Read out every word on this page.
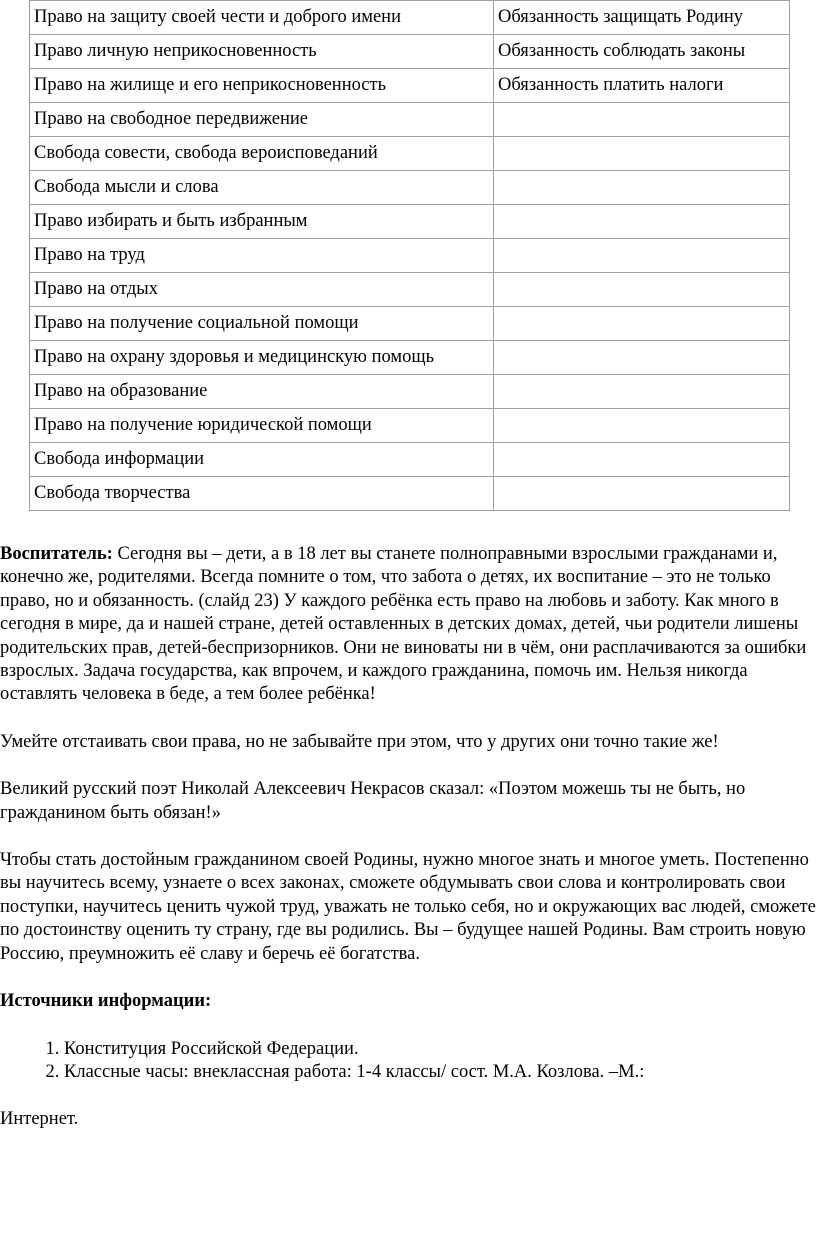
Право на защиту своей чести и доброго имени	Обязанность защищать Родину
Право личную неприкосновенность	Обязанность соблюдать законы
Право на жилище и его неприкосновенность	Обязанность платить налоги
Право на свободное передвижение	
Свобода совести, свобода вероисповеданий	
Свобода мысли и слова	
Право избирать и быть избранным	
Право на труд	
Право на отдых	
Право на получение социальной помощи	
Право на охрану здоровья и медицинскую помощь	
Право на образование	
Право на получение юридической помощи	
Свобода информации	
Свобода творчества	

Воспитатель: Сегодня вы – дети, а в 18 лет вы станете полноправными взрослыми гражданами и, конечно же, родителями. Всегда помните о том, что забота о детях, их воспитание – это не только право, но и обязанность. (слайд 23) У каждого ребёнка есть право на любовь и заботу. Как много в сегодня в мире, да и нашей стране, детей оставленных в детских домах, детей, чьи родители лишены родительских прав, детей-беспризорников. Они не виноваты ни в чём, они расплачиваются за ошибки взрослых. Задача государства, как впрочем, и каждого гражданина, помочь им. Нельзя никогда оставлять человека в беде, а тем более ребёнка!

Умейте отстаивать свои права, но не забывайте при этом, что у других они точно такие же!

Великий русский поэт Николай Алексеевич Некрасов сказал: «Поэтом можешь ты не быть, но гражданином быть обязан!»

Чтобы стать достойным гражданином своей Родины, нужно многое знать и многое уметь. Постепенно вы научитесь всему, узнаете о всех законах, сможете обдумывать свои слова и контролировать свои поступки, научитесь ценить чужой труд, уважать не только себя, но и окружающих вас людей, сможете по достоинству оценить ту страну, где вы родились. Вы – будущее нашей Родины. Вам строить новую Россию, преумножить её славу и беречь её богатства.

Источники информации:

1. Конституция Российской Федерации.
2. Классные часы: внеклассная работа: 1-4 классы/ сост. М.А. Козлова. –М.:

Интернет.
